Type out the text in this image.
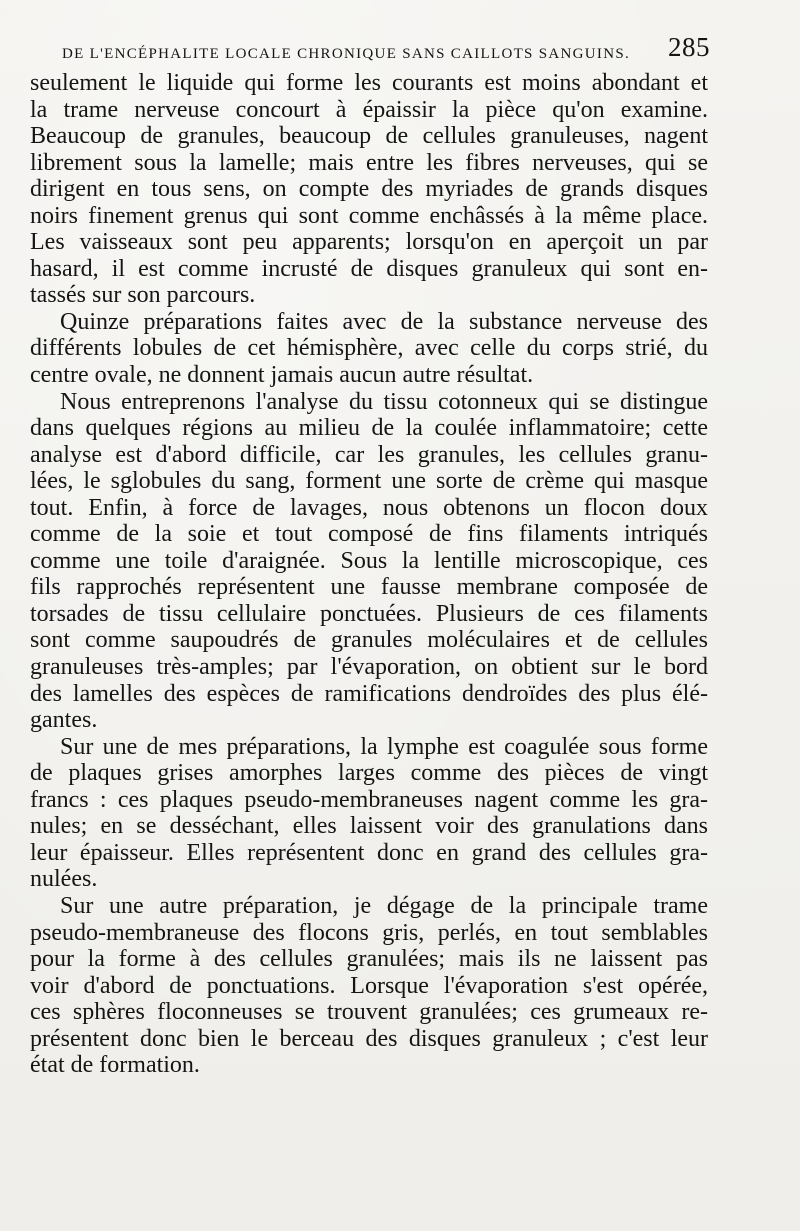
DE L'ENCÉPHALITE LOCALE CHRONIQUE SANS CAILLOTS SANGUINS. 285
seulement le liquide qui forme les courants est moins abondant et
la trame nerveuse concourt à épaissir la pièce qu'on examine.
Beaucoup de granules, beaucoup de cellules granuleuses, nagent
librement sous la lamelle; mais entre les fibres nerveuses, qui se
dirigent en tous sens, on compte des myriades de grands disques
noirs finement grenus qui sont comme enchâssés à la même place.
Les vaisseaux sont peu apparents; lorsqu'on en aperçoit un par
hasard, il est comme incrusté de disques granuleux qui sont en-
tassés sur son parcours.
Quinze préparations faites avec de la substance nerveuse des
différents lobules de cet hémisphère, avec celle du corps strié, du
centre ovale, ne donnent jamais aucun autre résultat.
Nous entreprenons l'analyse du tissu cotonneux qui se distingue
dans quelques régions au milieu de la coulée inflammatoire; cette
analyse est d'abord difficile, car les granules, les cellules granu-
lées, le sglobules du sang, forment une sorte de crème qui masque
tout. Enfin, à force de lavages, nous obtenons un flocon doux
comme de la soie et tout composé de fins filaments intriqués
comme une toile d'araignée. Sous la lentille microscopique, ces
fils rapprochés représentent une fausse membrane composée de
torsades de tissu cellulaire ponctuées. Plusieurs de ces filaments
sont comme saupoudrés de granules moléculaires et de cellules
granuleuses très-amples; par l'évaporation, on obtient sur le bord
des lamelles des espèces de ramifications dendroïdes des plus élé-
gantes.
Sur une de mes préparations, la lymphe est coagulée sous forme
de plaques grises amorphes larges comme des pièces de vingt
francs : ces plaques pseudo-membraneuses nagent comme les gra-
nules; en se desséchant, elles laissent voir des granulations dans
leur épaisseur. Elles représentent donc en grand des cellules gra-
nulées.
Sur une autre préparation, je dégage de la principale trame
pseudo-membraneuse des flocons gris, perlés, en tout semblables
pour la forme à des cellules granulées; mais ils ne laissent pas
voir d'abord de ponctuations. Lorsque l'évaporation s'est opérée,
ces sphères floconneuses se trouvent granulées; ces grumeaux re-
présentent donc bien le berceau des disques granuleux ; c'est leur
état de formation.
